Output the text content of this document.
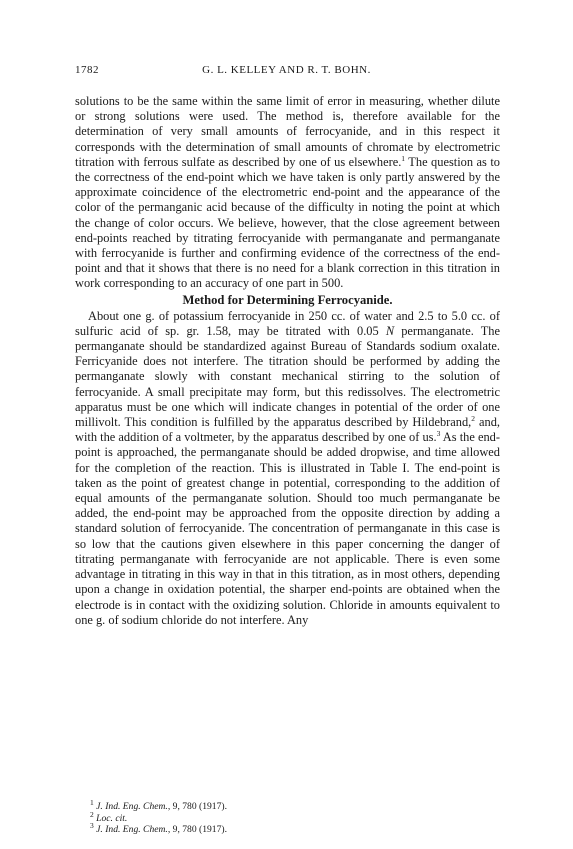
1782	G. L. KELLEY AND R. T. BOHN.

solutions to be the same within the same limit of error in measuring, whether dilute or strong solutions were used. The method is, therefore available for the determination of very small amounts of ferrocyanide, and in this respect it corresponds with the determination of small amounts of chromate by electrometric titration with ferrous sulfate as described by one of us elsewhere.$^1$ The question as to the correctness of the end-point which we have taken is only partly answered by the approximate coincidence of the electrometric end-point and the appearance of the color of the permanganic acid because of the difficulty in noting the point at which the change of color occurs. We believe, however, that the close agreement between end-points reached by titrating ferrocyanide with permanganate and permanganate with ferrocyanide is further and confirming evidence of the correctness of the end-point and that it shows that there is no need for a blank correction in this titration in work corresponding to an accuracy of one part in 500.

Method for Determining Ferrocyanide.

About one g. of potassium ferrocyanide in 250 cc. of water and 2.5 to 5.0 cc. of sulfuric acid of sp. gr. 1.58, may be titrated with 0.05 N permanganate. The permanganate should be standardized against Bureau of Standards sodium oxalate. Ferricyanide does not interfere. The titration should be performed by adding the permanganate slowly with constant mechanical stirring to the solution of ferrocyanide. A small precipitate may form, but this redissolves. The electrometric apparatus must be one which will indicate changes in potential of the order of one millivolt. This condition is fulfilled by the apparatus described by Hildebrand,$^2$ and, with the addition of a voltmeter, by the apparatus described by one of us.$^3$ As the end-point is approached, the permanganate should be added dropwise, and time allowed for the completion of the reaction. This is illustrated in Table I. The end-point is taken as the point of greatest change in potential, corresponding to the addition of equal amounts of the permanganate solution. Should too much permanganate be added, the end-point may be approached from the opposite direction by adding a standard solution of ferrocyanide. The concentration of permanganate in this case is so low that the cautions given elsewhere in this paper concerning the danger of titrating permanganate with ferrocyanide are not applicable. There is even some advantage in titrating in this way in that in this titration, as in most others, depending upon a change in oxidation potential, the sharper end-points are obtained when the electrode is in contact with the oxidizing solution. Chloride in amounts equivalent to one g. of sodium chloride do not interfere. Any

$^1$ J. Ind. Eng. Chem., 9, 780 (1917).
$^2$ Loc. cit.
$^3$ J. Ind. Eng. Chem., 9, 780 (1917).
